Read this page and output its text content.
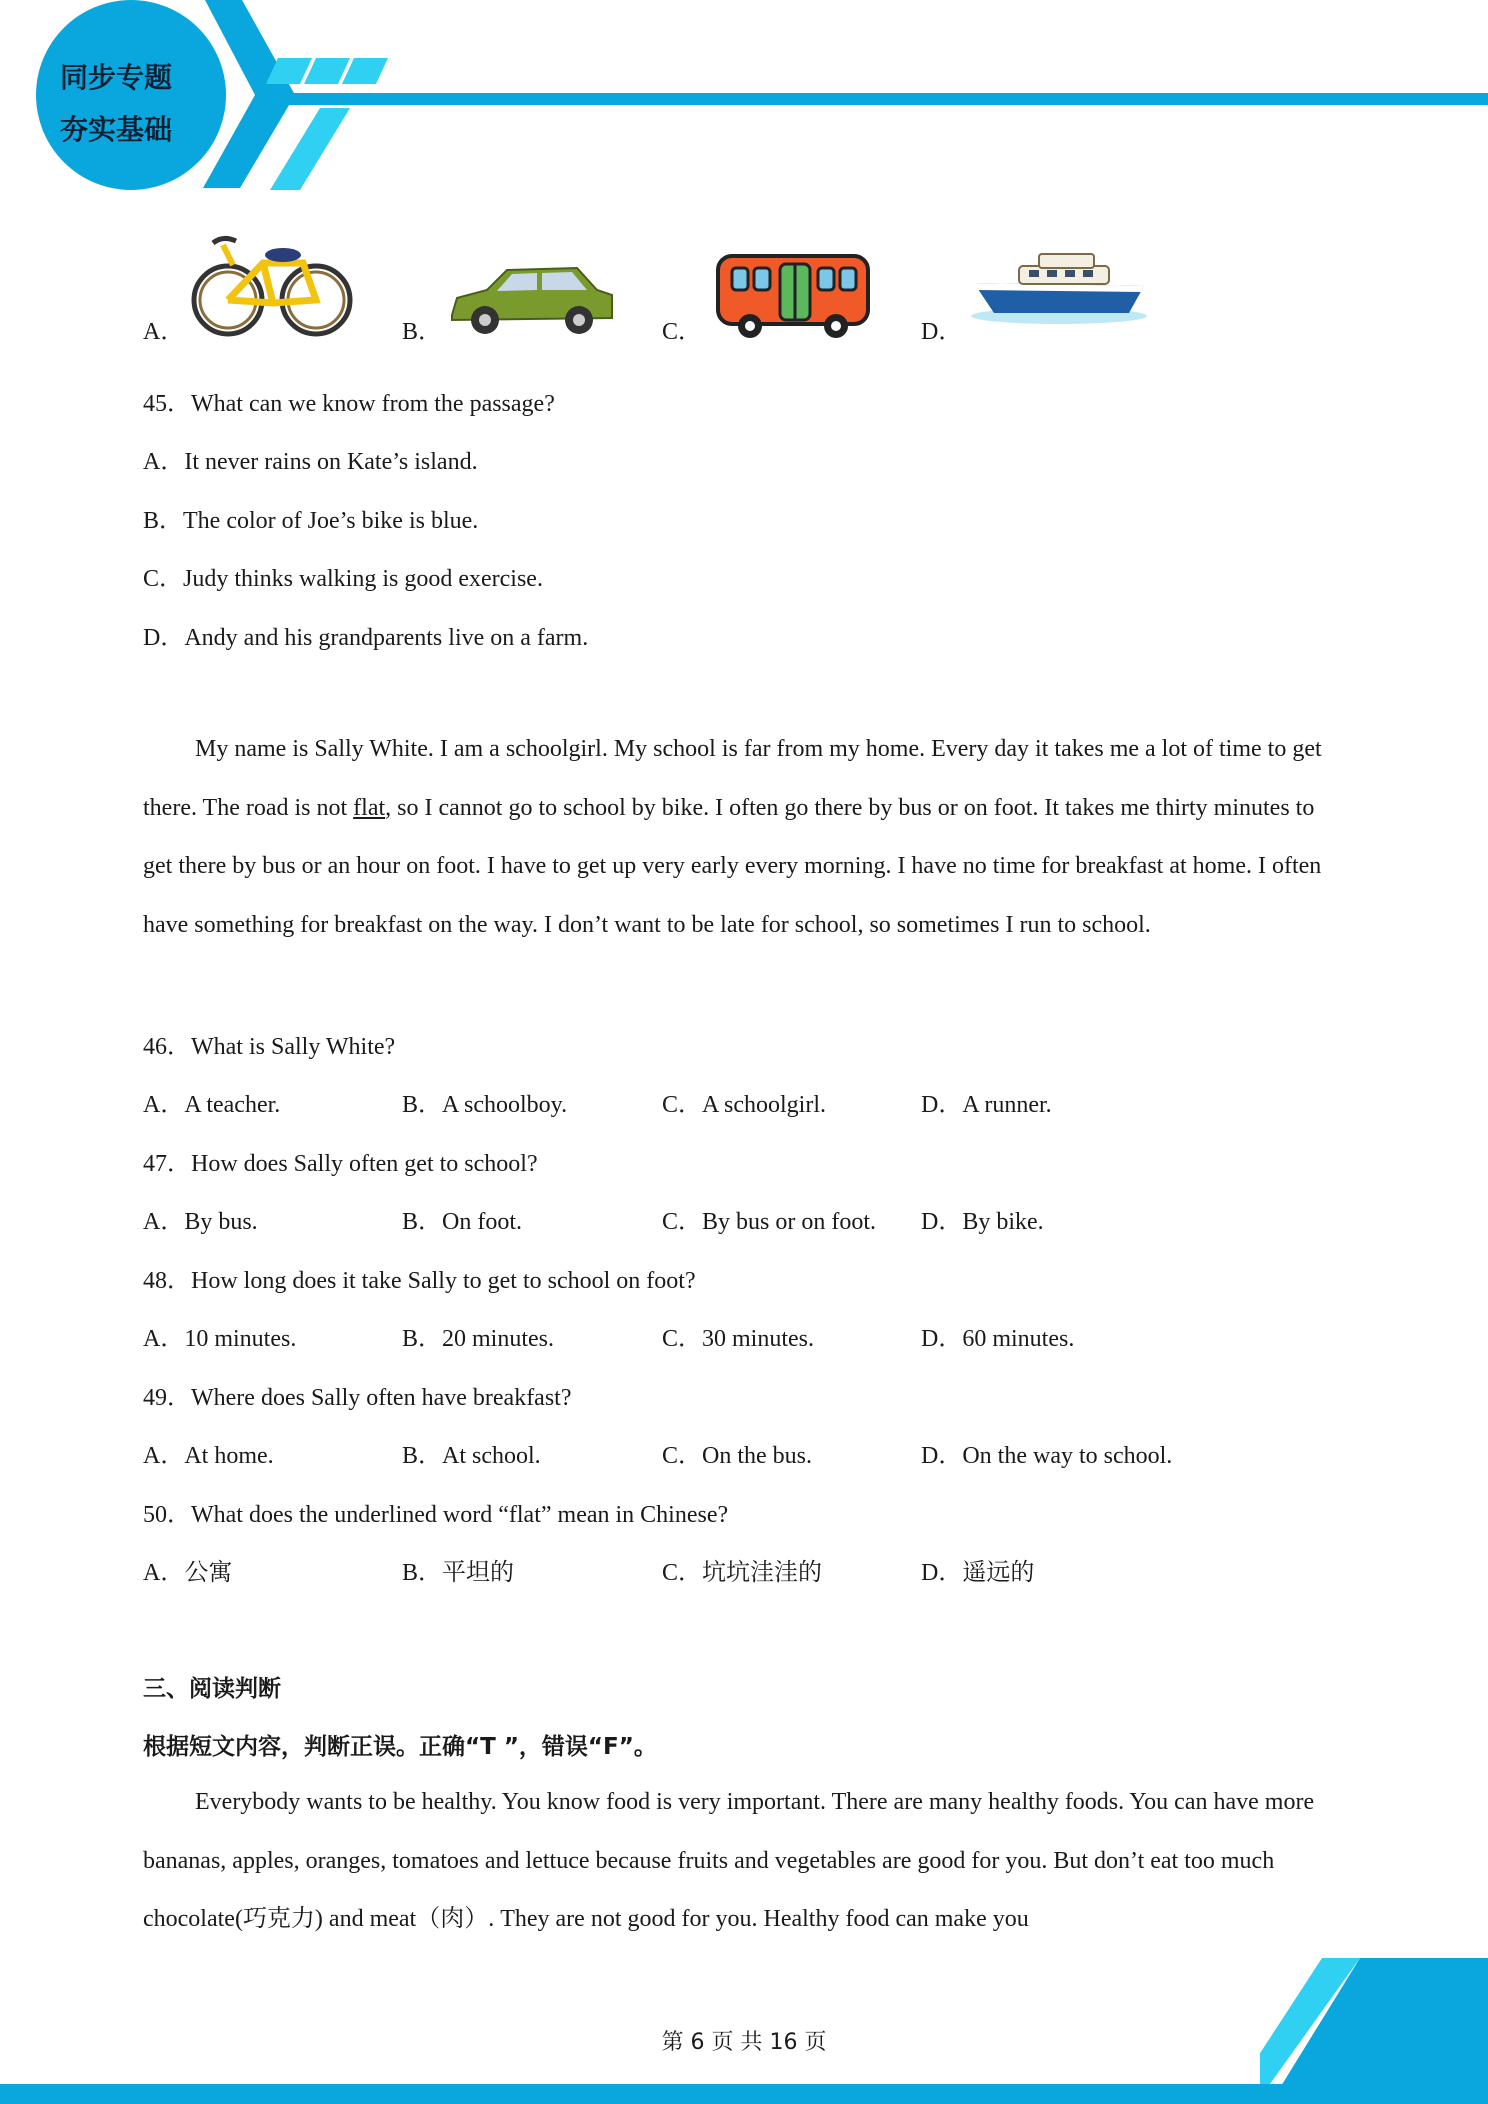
同步专题
夯实基础
A．	B．	C．	D．
45．What can we know from the passage?
A．It never rains on Kate’s island.
B．The color of Joe’s bike is blue.
C．Judy thinks walking is good exercise.
D．Andy and his grandparents live on a farm.
My name is Sally White. I am a schoolgirl. My school is far from my home. Every day it takes me a lot of time to get there. The road is not flat, so I cannot go to school by bike. I often go there by bus or on foot. It takes me thirty minutes to get there by bus or an hour on foot. I have to get up very early every morning. I have no time for breakfast at home. I often have something for breakfast on the way. I don’t want to be late for school, so sometimes I run to school.
46．What is Sally White?
A．A teacher.	B．A schoolboy.	C．A schoolgirl.	D．A runner.
47．How does Sally often get to school?
A．By bus.	B．On foot.	C．By bus or on foot. D．By bike.
48．How long does it take Sally to get to school on foot?
A．10 minutes.	B．20 minutes.	C．30 minutes.	D．60 minutes.
49．Where does Sally often have breakfast?
A．At home.	B．At school.	C．On the bus.	D．On the way to school.
50．What does the underlined word “flat” mean in Chinese?
A．公寓	B．平坦的	C．坑坑洼洼的	D．遥远的
三、阅读判断
根据短文内容，判断正误。正确“T ”，错误“F”。
Everybody wants to be healthy. You know food is very important. There are many healthy foods. You can have more bananas, apples, oranges, tomatoes and lettuce because fruits and vegetables are good for you. But don’t eat too much chocolate(巧克力) and meat（肉）. They are not good for you. Healthy food can make you
第 6 页 共 16 页
